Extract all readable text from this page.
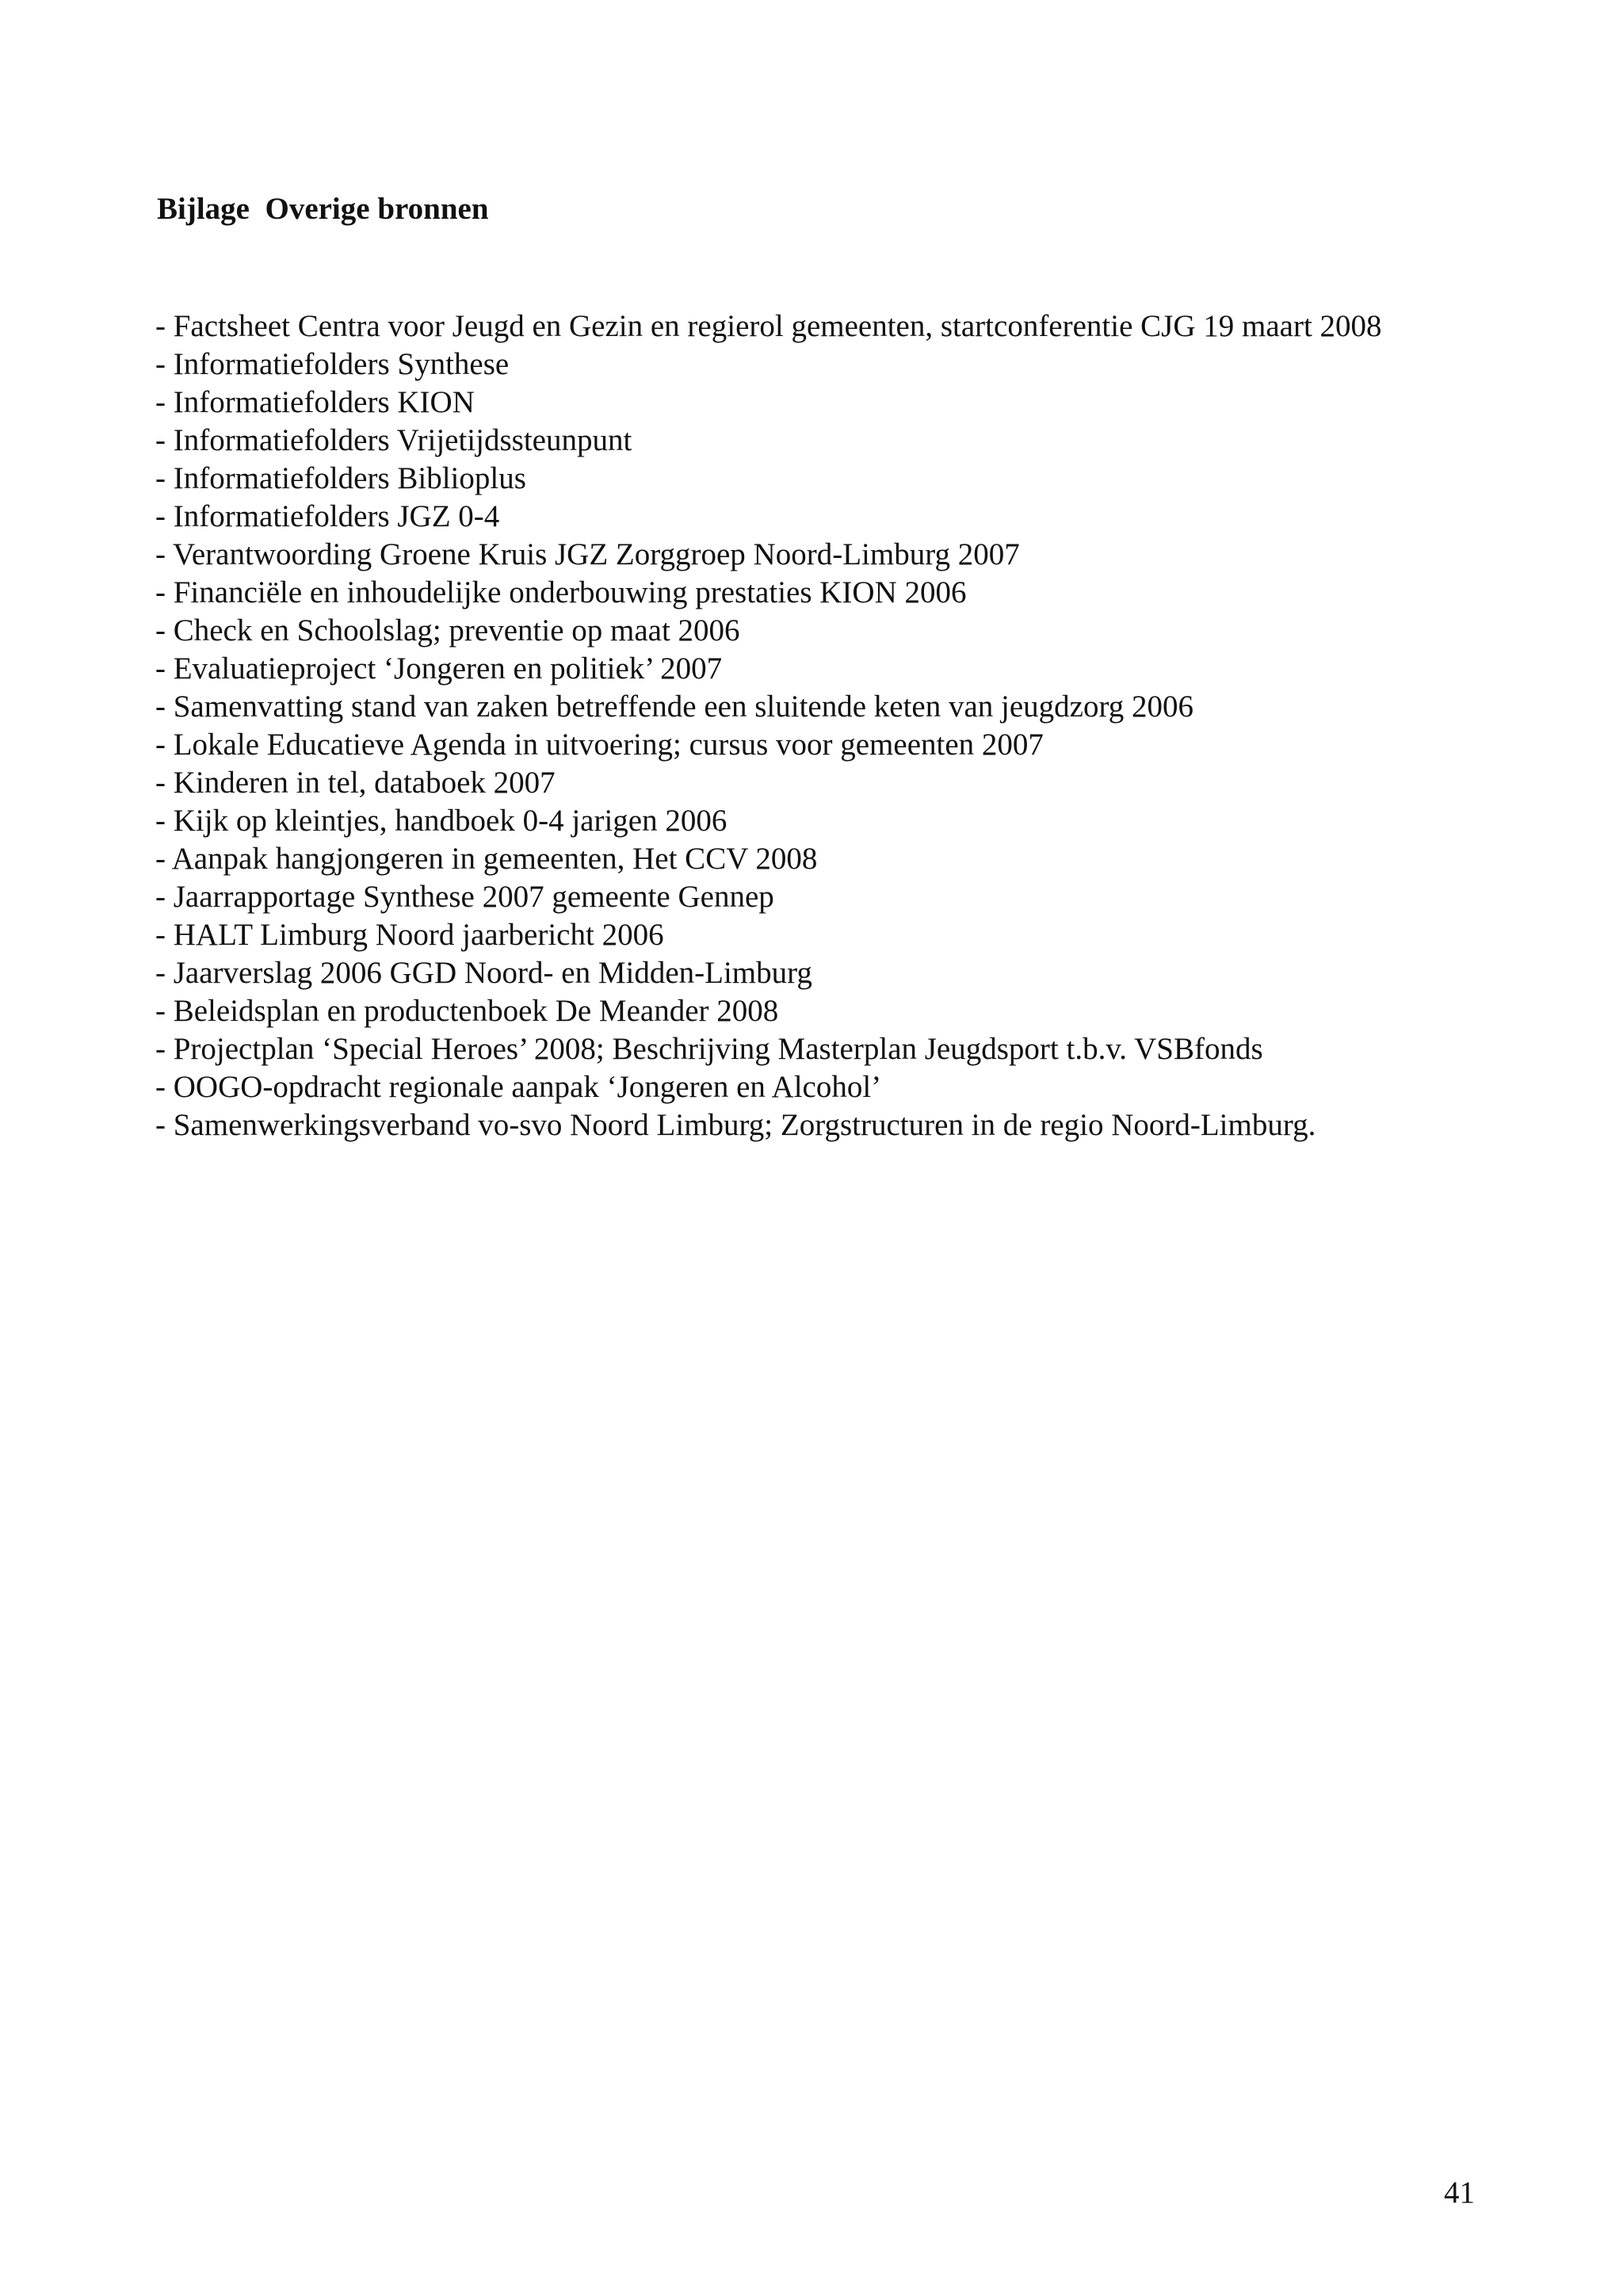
Bijlage  Overige bronnen
- Factsheet Centra voor Jeugd en Gezin en regierol gemeenten, startconferentie CJG 19 maart 2008
- Informatiefolders Synthese
- Informatiefolders KION
- Informatiefolders Vrijetijdssteunpunt
- Informatiefolders Biblioplus
- Informatiefolders JGZ 0-4
- Verantwoording Groene Kruis JGZ Zorggroep Noord-Limburg 2007
- Financiële en inhoudelijke onderbouwing prestaties KION 2006
- Check en Schoolslag; preventie op maat 2006
- Evaluatieproject ‘Jongeren en politiek’ 2007
- Samenvatting stand van zaken betreffende een sluitende keten van jeugdzorg 2006
- Lokale Educatieve Agenda in uitvoering; cursus voor gemeenten 2007
- Kinderen in tel, databoek 2007
- Kijk op kleintjes, handboek 0-4 jarigen 2006
- Aanpak hangjongeren in gemeenten, Het CCV 2008
- Jaarrapportage Synthese 2007 gemeente Gennep
- HALT Limburg Noord jaarbericht 2006
- Jaarverslag 2006 GGD Noord- en Midden-Limburg
- Beleidsplan en productenboek De Meander 2008
- Projectplan ‘Special Heroes’ 2008; Beschrijving Masterplan Jeugdsport t.b.v. VSBfonds
- OOGO-opdracht regionale aanpak ‘Jongeren en Alcohol’
- Samenwerkingsverband vo-svo Noord Limburg; Zorgstructuren in de regio Noord-Limburg.
41
